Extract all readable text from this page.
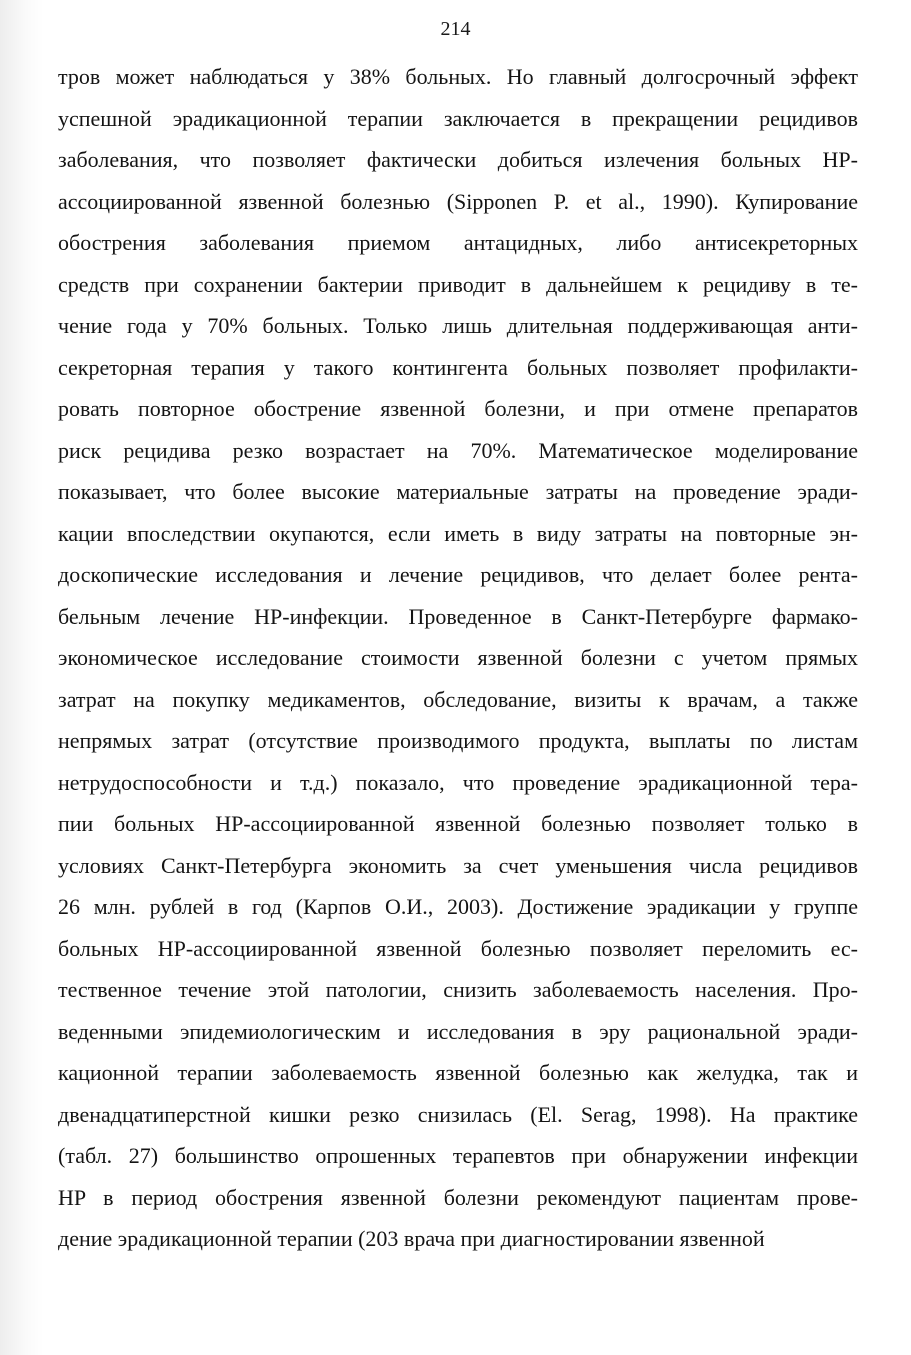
214
тров может наблюдаться у 38% больных. Но главный долгосрочный эффект
успешной эрадикационной терапии заключается в прекращении рецидивов
заболевания, что позволяет фактически добиться излечения больных HP-
ассоциированной язвенной болезнью (Sipponen P. et al., 1990). Купирование
обострения заболевания приемом антацидных, либо антисекреторных
средств при сохранении бактерии приводит в дальнейшем к рецидиву в те-
чение года у 70% больных. Только лишь длительная поддерживающая анти-
секреторная терапия у такого контингента больных позволяет профилакти-
ровать повторное обострение язвенной болезни, и при отмене препаратов
риск рецидива резко возрастает на 70%. Математическое моделирование
показывает, что более высокие материальные затраты на проведение эради-
кации впоследствии окупаются, если иметь в виду затраты на повторные эн-
доскопические исследования и лечение рецидивов, что делает более рента-
бельным лечение НР-инфекции. Проведенное в Санкт-Петербурге фармако-
экономическое исследование стоимости язвенной болезни с учетом прямых
затрат на покупку медикаментов, обследование, визиты к врачам, а также
непрямых затрат (отсутствие производимого продукта, выплаты по листам
нетрудоспособности и т.д.) показало, что проведение эрадикационной тера-
пии больных HP-ассоциированной язвенной болезнью позволяет только в
условиях Санкт-Петербурга экономить за счет уменьшения числа рецидивов
26 млн. рублей в год (Карпов О.И., 2003). Достижение эрадикации у группе
больных HP-ассоциированной язвенной болезнью позволяет переломить ес-
тественное течение этой патологии, снизить заболеваемость населения. Про-
веденными эпидемиологическим и исследования в эру рациональной эради-
кационной терапии заболеваемость язвенной болезнью как желудка, так и
двенадцатиперстной кишки резко снизилась (El. Serag, 1998). На практике
(табл. 27) большинство опрошенных терапевтов при обнаружении инфекции
HP в период обострения язвенной болезни рекомендуют пациентам прове-
дение эрадикационной терапии (203 врача при диагностировании язвенной
